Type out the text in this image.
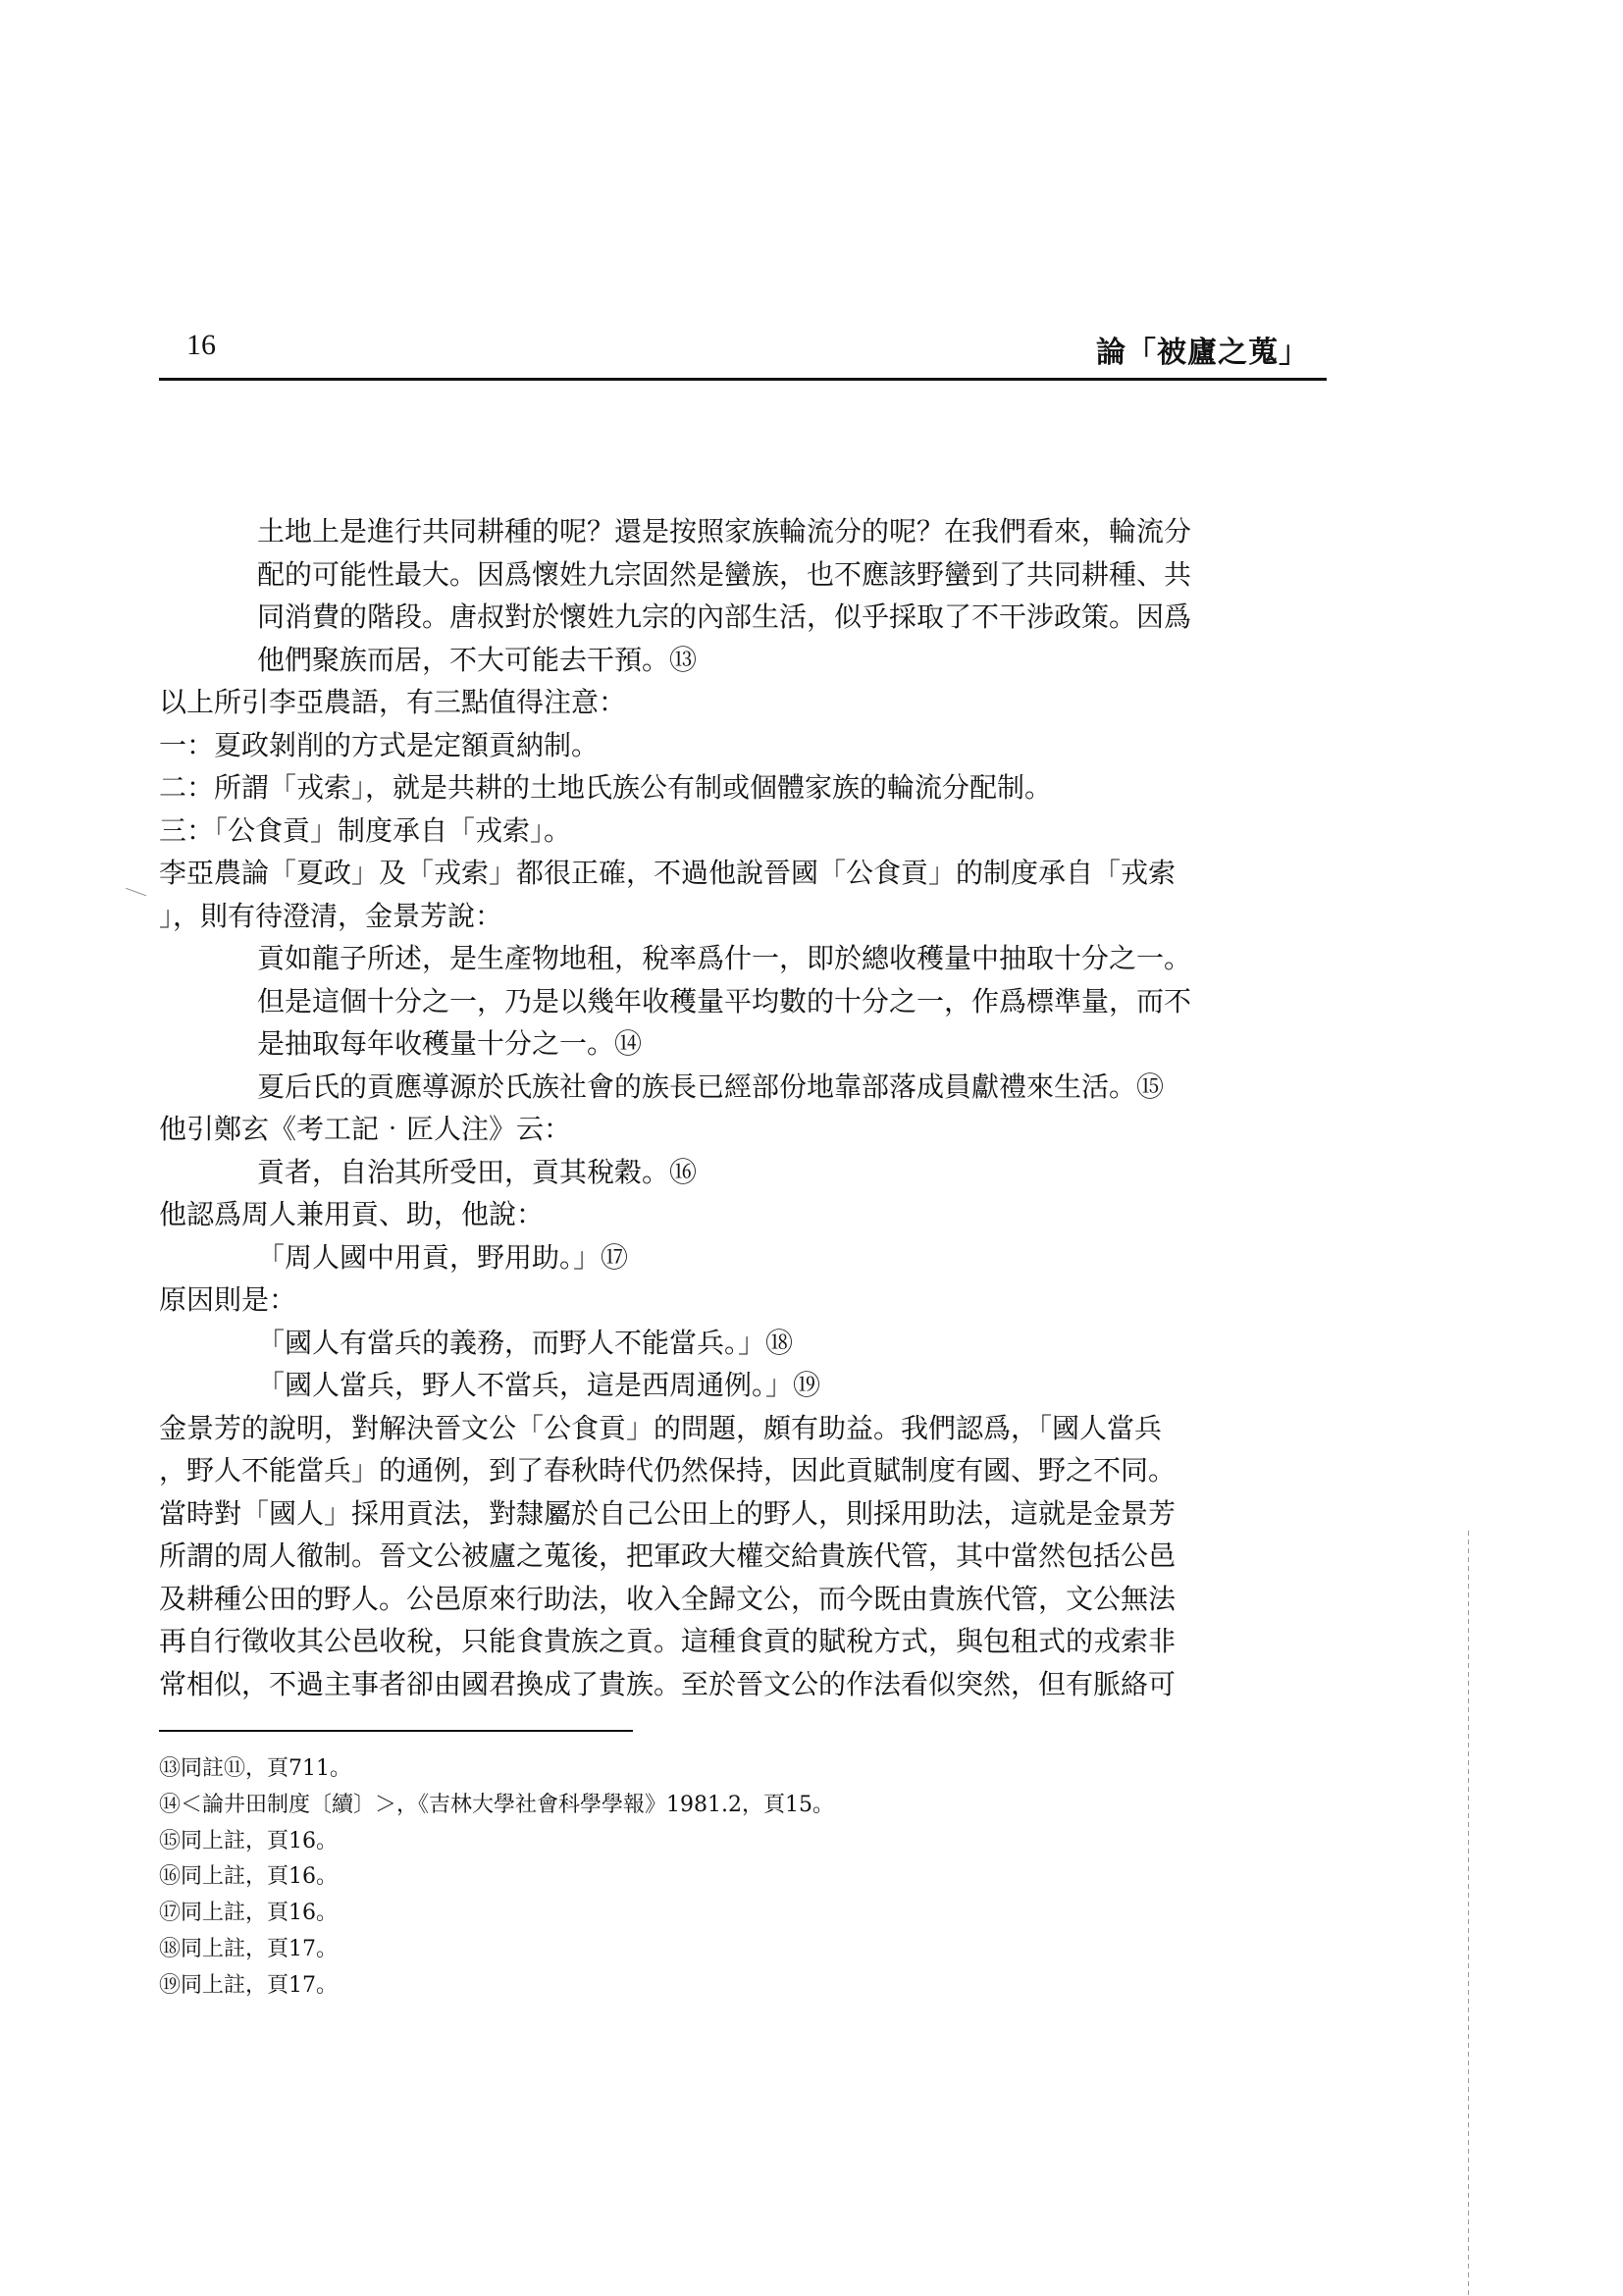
16	論「被廬之蒐」
土地上是進行共同耕種的呢？還是按照家族輪流分的呢？在我們看來，輪流分
配的可能性最大。因爲懷姓九宗固然是蠻族，也不應該野蠻到了共同耕種、共
同消費的階段。唐叔對於懷姓九宗的內部生活，似乎採取了不干涉政策。因爲
他們聚族而居，不大可能去干預。⑬
以上所引李亞農語，有三點值得注意：
一：夏政剝削的方式是定額貢納制。
二：所謂「戎索」，就是共耕的土地氏族公有制或個體家族的輪流分配制。
三：「公食貢」制度承自「戎索」。
李亞農論「夏政」及「戎索」都很正確，不過他說晉國「公食貢」的制度承自「戎索
」，則有待澄清，金景芳說：
貢如龍子所述，是生產物地租，稅率爲什一，即於總收穫量中抽取十分之一。
但是這個十分之一，乃是以幾年收穫量平均數的十分之一，作爲標準量，而不
是抽取每年收穫量十分之一。⑭
夏后氏的貢應導源於氏族社會的族長已經部份地靠部落成員獻禮來生活。⑮
他引鄭玄《考工記‧匠人注》云：
貢者，自治其所受田，貢其稅穀。⑯
他認爲周人兼用貢、助，他說：
「周人國中用貢，野用助。」⑰
原因則是：
「國人有當兵的義務，而野人不能當兵。」⑱
「國人當兵，野人不當兵，這是西周通例。」⑲
金景芳的說明，對解決晉文公「公食貢」的問題，頗有助益。我們認爲，「國人當兵
，野人不能當兵」的通例，到了春秋時代仍然保持，因此貢賦制度有國、野之不同。
當時對「國人」採用貢法，對隸屬於自己公田上的野人，則採用助法，這就是金景芳
所謂的周人徹制。晉文公被廬之蒐後，把軍政大權交給貴族代管，其中當然包括公邑
及耕種公田的野人。公邑原來行助法，收入全歸文公，而今既由貴族代管，文公無法
再自行徵收其公邑收稅，只能食貴族之貢。這種食貢的賦稅方式，與包租式的戎索非
常相似，不過主事者卻由國君換成了貴族。至於晉文公的作法看似突然，但有脈絡可
⑬同註⑪，頁711。
⑭＜論井田制度〔續〕＞，《吉林大學社會科學學報》1981.2，頁15。
⑮同上註，頁16。
⑯同上註，頁16。
⑰同上註，頁16。
⑱同上註，頁17。
⑲同上註，頁17。
